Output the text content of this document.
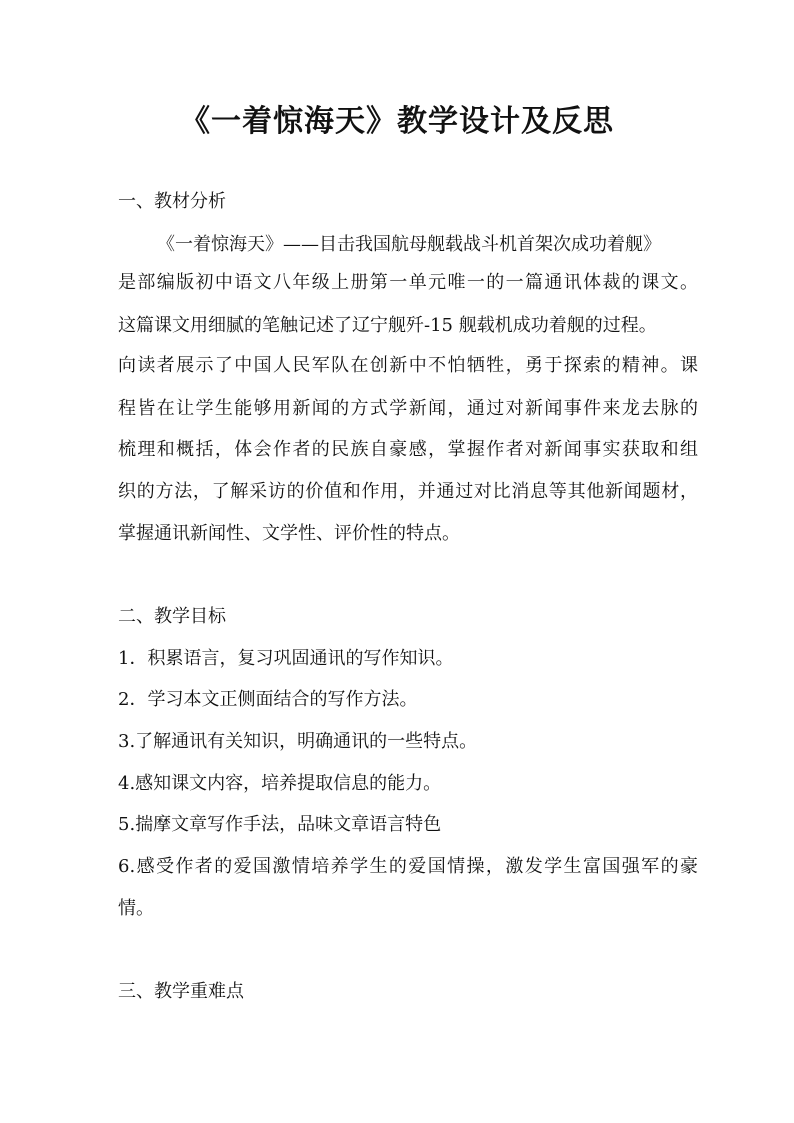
《一着惊海天》教学设计及反思
一、教材分析
《一着惊海天》——目击我国航母舰载战斗机首架次成功着舰》
是部编版初中语文八年级上册第一单元唯一的一篇通讯体裁的课文。
这篇课文用细腻的笔触记述了辽宁舰歼-15 舰载机成功着舰的过程。
向读者展示了中国人民军队在创新中不怕牺牲，勇于探索的精神。课
程皆在让学生能够用新闻的方式学新闻，通过对新闻事件来龙去脉的
梳理和概括，体会作者的民族自豪感，掌握作者对新闻事实获取和组
织的方法，了解采访的价值和作用，并通过对比消息等其他新闻题材，
掌握通讯新闻性、文学性、评价性的特点。
二、教学目标
1．积累语言，复习巩固通讯的写作知识。
2．学习本文正侧面结合的写作方法。
3.了解通讯有关知识，明确通讯的一些特点。
4.感知课文内容，培养提取信息的能力。
5.揣摩文章写作手法，品味文章语言特色
6.感受作者的爱国激情培养学生的爱国情操，激发学生富国强军的豪
情。
三、教学重难点
